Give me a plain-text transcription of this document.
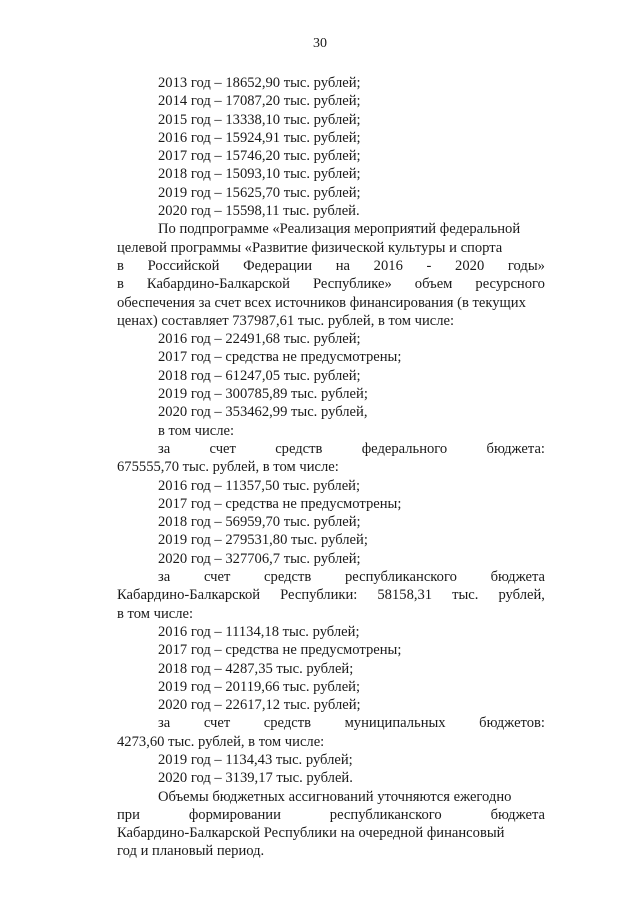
30
2013 год – 18652,90 тыс. рублей;
2014 год – 17087,20 тыс. рублей;
2015 год – 13338,10 тыс. рублей;
2016 год – 15924,91 тыс. рублей;
2017 год – 15746,20 тыс. рублей;
2018 год – 15093,10 тыс. рублей;
2019 год – 15625,70 тыс. рублей;
2020 год – 15598,11 тыс. рублей.
По подпрограмме «Реализация мероприятий федеральной
целевой программы «Развитие физической культуры и спорта
в Российской Федерации на 2016 - 2020 годы»
в Кабардино-Балкарской Республике» объем ресурсного
обеспечения за счет всех источников финансирования (в текущих
ценах) составляет 737987,61 тыс. рублей, в том числе:
2016 год – 22491,68 тыс. рублей;
2017 год – средства не предусмотрены;
2018 год – 61247,05 тыс. рублей;
2019 год – 300785,89 тыс. рублей;
2020 год – 353462,99 тыс. рублей,
в том числе:
за	счет	средств	федерального	бюджета:
675555,70 тыс. рублей, в том числе:
2016 год – 11357,50 тыс. рублей;
2017 год – средства не предусмотрены;
2018 год – 56959,70 тыс. рублей;
2019 год – 279531,80 тыс. рублей;
2020 год – 327706,7 тыс. рублей;
за счет средств республиканского бюджета
Кабардино-Балкарской Республики: 58158,31 тыс. рублей,
в том числе:
2016 год – 11134,18 тыс. рублей;
2017 год – средства не предусмотрены;
2018 год – 4287,35 тыс. рублей;
2019 год – 20119,66 тыс. рублей;
2020 год – 22617,12 тыс. рублей;
за счет средств муниципальных бюджетов:
4273,60 тыс. рублей, в том числе:
2019 год – 1134,43 тыс. рублей;
2020 год – 3139,17 тыс. рублей.
Объемы бюджетных ассигнований уточняются ежегодно
при	формировании	республиканского	бюджета
Кабардино-Балкарской Республики на очередной финансовый
год и плановый период.
